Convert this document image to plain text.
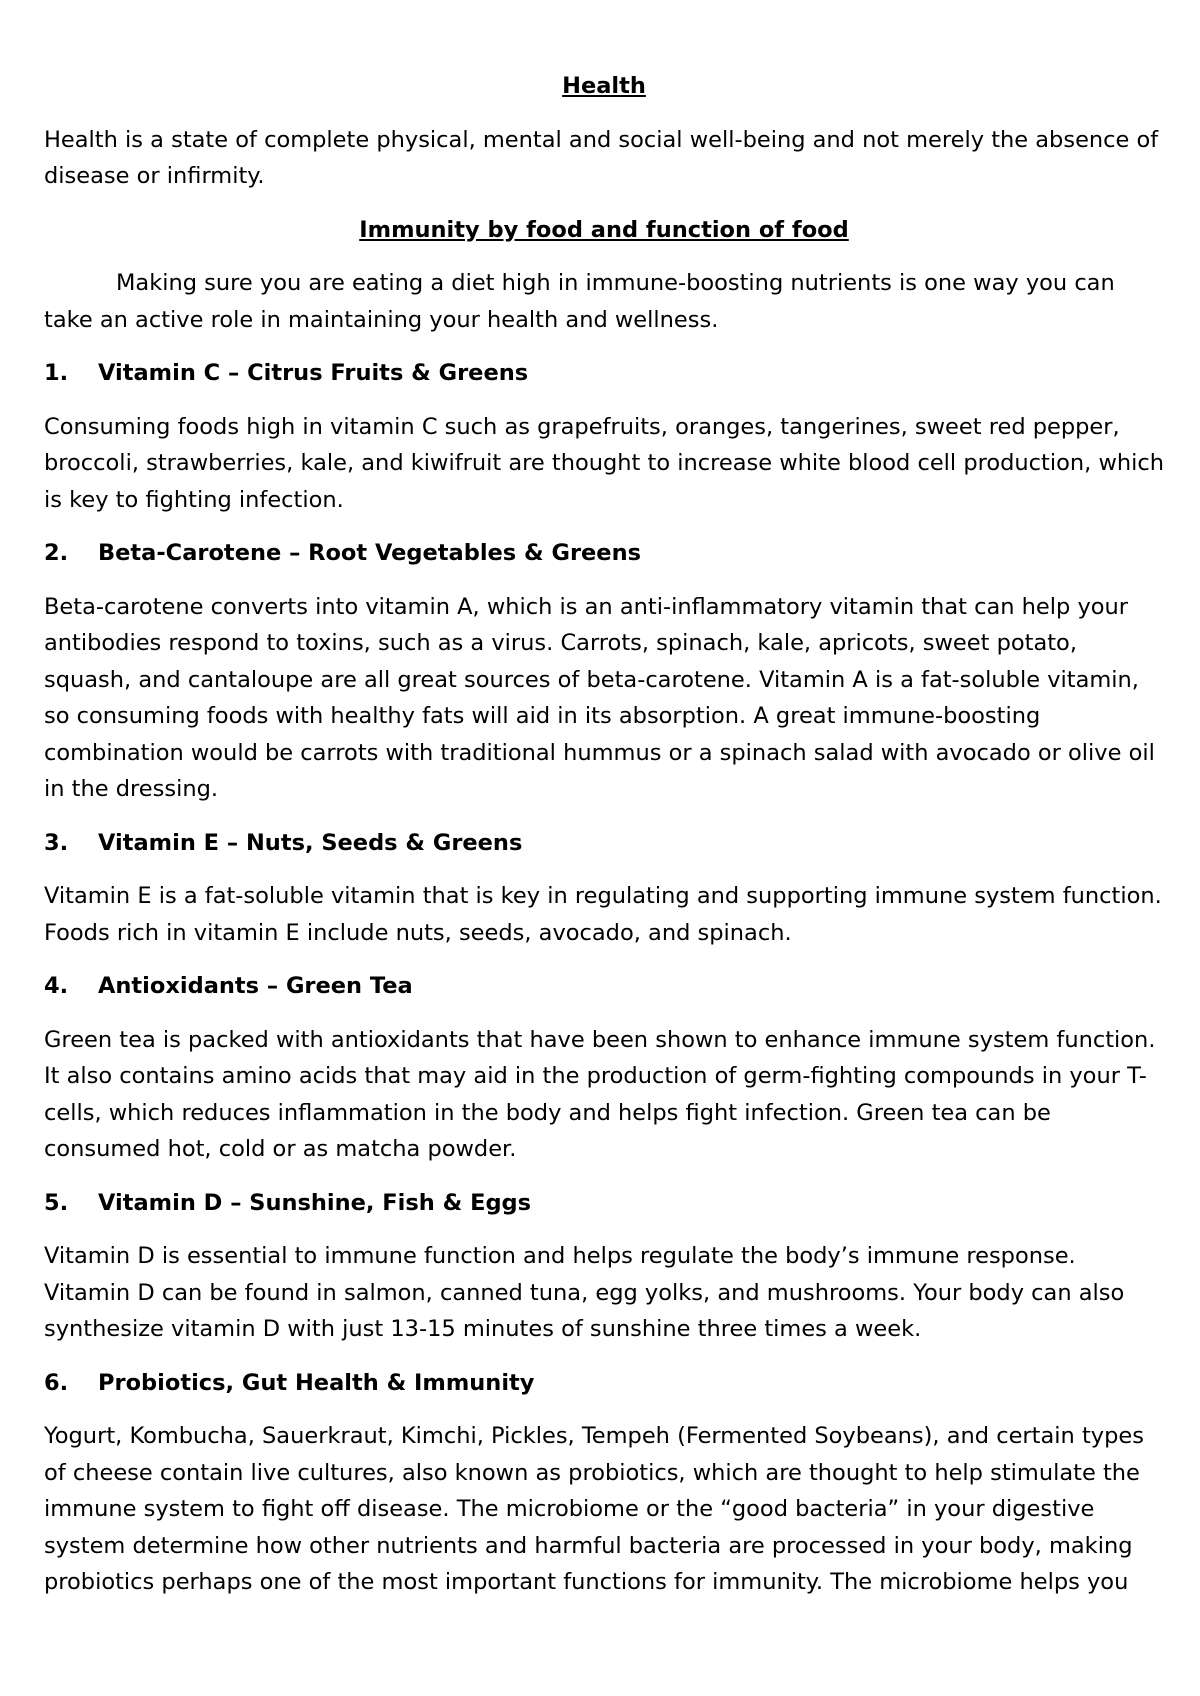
Health

Health is a state of complete physical, mental and social well-being and not merely the absence of disease or infirmity.

Immunity by food and function of food

Making sure you are eating a diet high in immune-boosting nutrients is one way you can take an active role in maintaining your health and wellness.

1. Vitamin C – Citrus Fruits & Greens

Consuming foods high in vitamin C such as grapefruits, oranges, tangerines, sweet red pepper, broccoli, strawberries, kale, and kiwifruit are thought to increase white blood cell production, which is key to fighting infection.

2. Beta-Carotene – Root Vegetables & Greens

Beta-carotene converts into vitamin A, which is an anti-inflammatory vitamin that can help your antibodies respond to toxins, such as a virus. Carrots, spinach, kale, apricots, sweet potato, squash, and cantaloupe are all great sources of beta-carotene. Vitamin A is a fat-soluble vitamin, so consuming foods with healthy fats will aid in its absorption. A great immune-boosting combination would be carrots with traditional hummus or a spinach salad with avocado or olive oil in the dressing.

3. Vitamin E – Nuts, Seeds & Greens

Vitamin E is a fat-soluble vitamin that is key in regulating and supporting immune system function. Foods rich in vitamin E include nuts, seeds, avocado, and spinach.

4. Antioxidants – Green Tea

Green tea is packed with antioxidants that have been shown to enhance immune system function. It also contains amino acids that may aid in the production of germ-fighting compounds in your T-cells, which reduces inflammation in the body and helps fight infection. Green tea can be consumed hot, cold or as matcha powder.

5. Vitamin D – Sunshine, Fish & Eggs

Vitamin D is essential to immune function and helps regulate the body’s immune response. Vitamin D can be found in salmon, canned tuna, egg yolks, and mushrooms. Your body can also synthesize vitamin D with just 13-15 minutes of sunshine three times a week.

6. Probiotics, Gut Health & Immunity

Yogurt, Kombucha, Sauerkraut, Kimchi, Pickles, Tempeh (Fermented Soybeans), and certain types of cheese contain live cultures, also known as probiotics, which are thought to help stimulate the immune system to fight off disease. The microbiome or the “good bacteria” in your digestive system determine how other nutrients and harmful bacteria are processed in your body, making probiotics perhaps one of the most important functions for immunity. The microbiome helps you
